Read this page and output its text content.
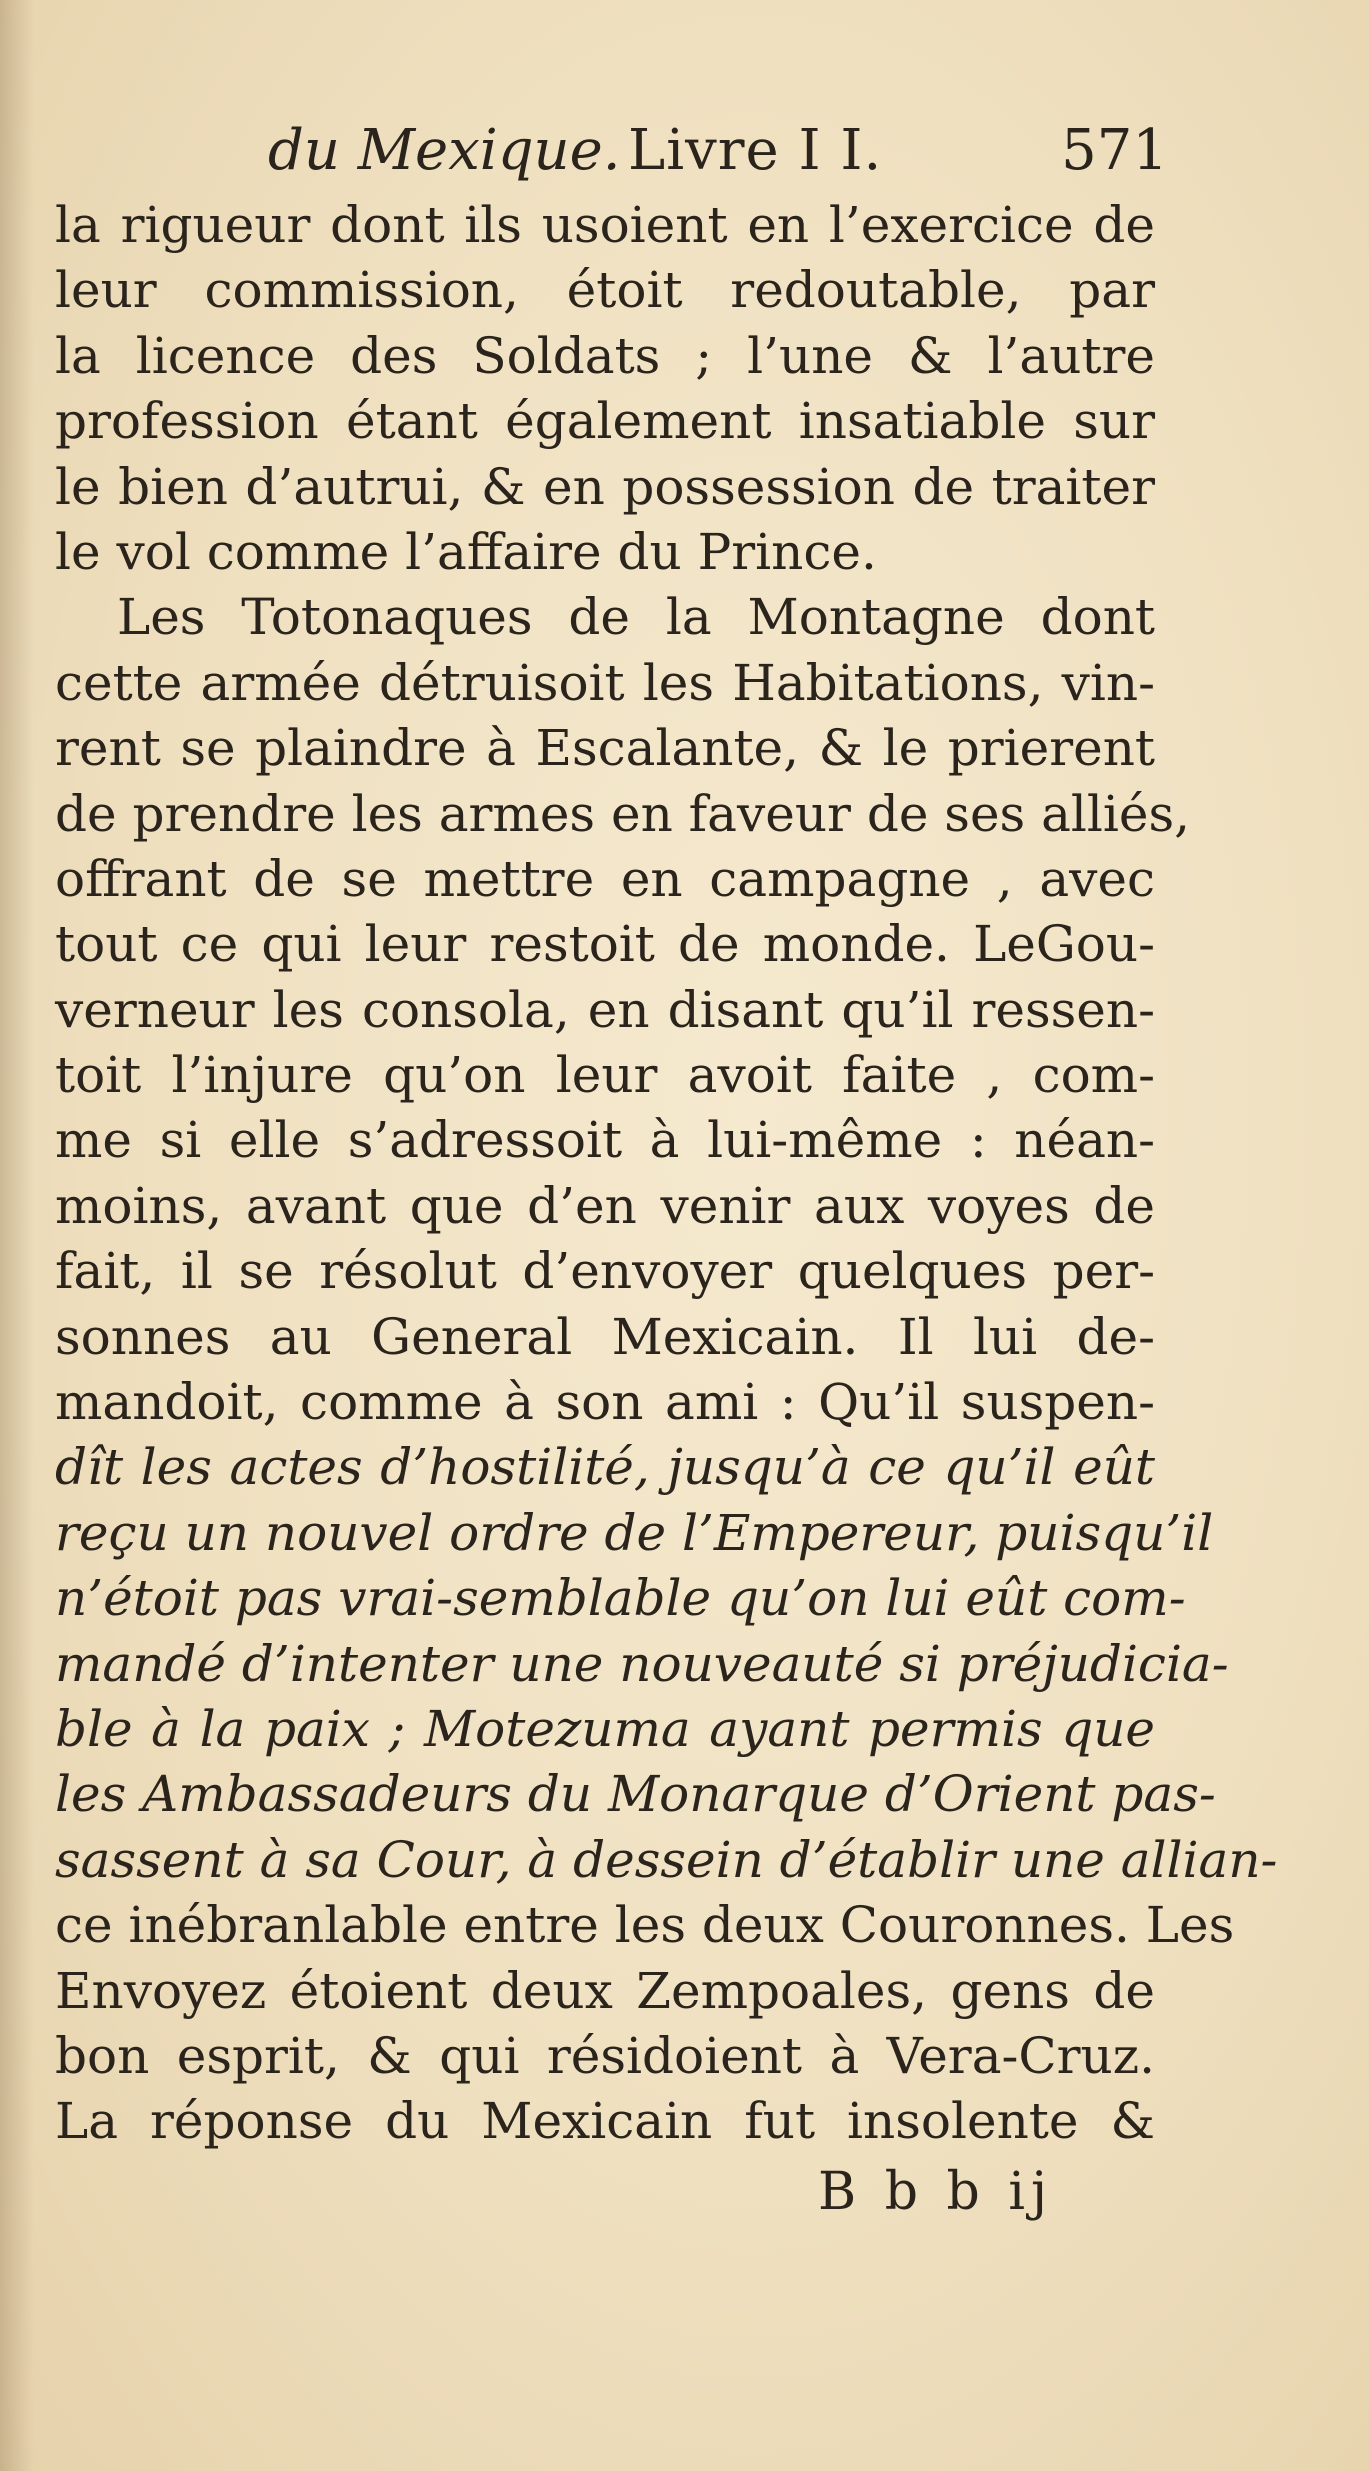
du Mexique. Livre I I.	571
la rigueur dont ils usoient en l’exercice de
leur commission, étoit redoutable, par
la licence des Soldats ; l’une & l’autre
profession étant également insatiable sur
le bien d’autrui, & en possession de traiter
le vol comme l’affaire du Prince.
Les Totonaques de la Montagne dont
cette armée détruisoit les Habitations, vin-
rent se plaindre à Escalante, & le prierent
de prendre les armes en faveur de ses alliés,
offrant de se mettre en campagne , avec
tout ce qui leur restoit de monde. LeGou-
verneur les consola, en disant qu’il ressen-
toit l’injure qu’on leur avoit faite , com-
me si elle s’adressoit à lui-même : néan-
moins, avant que d’en venir aux voyes de
fait, il se résolut d’envoyer quelques per-
sonnes au General Mexicain. Il lui de-
mandoit, comme à son ami : Qu’il suspen-
dît les actes d’hostilité, jusqu’à ce qu’il eût
reçu un nouvel ordre de l’Empereur, puisqu’il
n’étoit pas vrai-semblable qu’on lui eût com-
mandé d’intenter une nouveauté si préjudicia-
ble à la paix ; Motezuma ayant permis que
les Ambassadeurs du Monarque d’Orient pas-
sassent à sa Cour, à dessein d’établir une allian-
ce inébranlable entre les deux Couronnes. Les
Envoyez étoient deux Zempoales, gens de
bon esprit, & qui résidoient à Vera-Cruz.
La réponse du Mexicain fut insolente &
B b b ij
